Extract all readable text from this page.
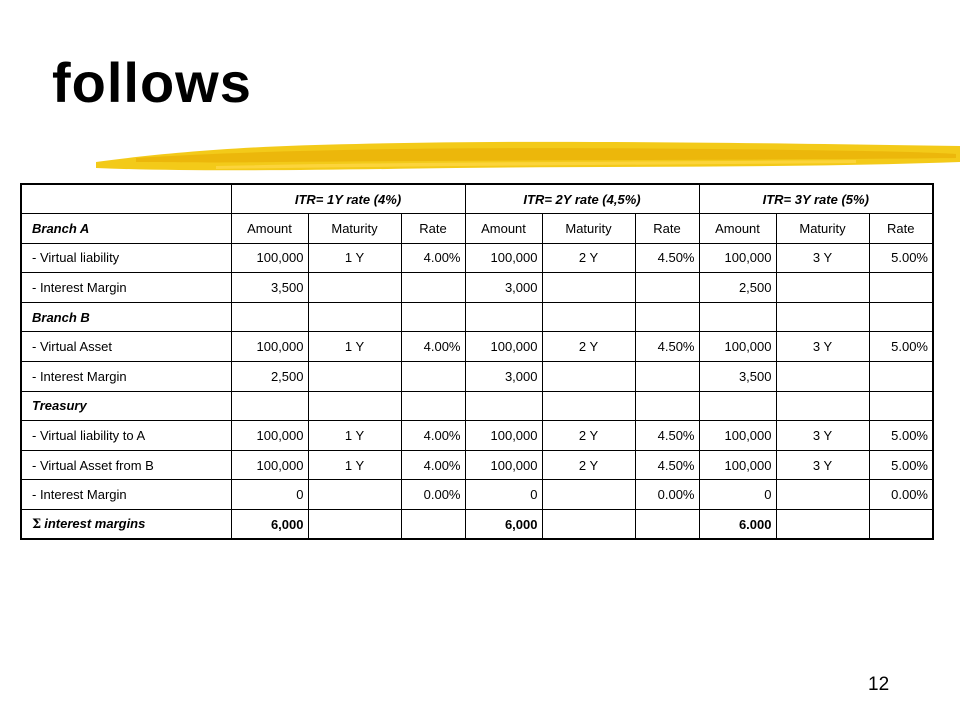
follows
	ITR= 1Y rate (4%)			ITR= 2Y rate (4,5%)			ITR= 3Y rate (5%)		
Branch A	Amount	Maturity	Rate	Amount	Maturity	Rate	Amount	Maturity	Rate
- Virtual liability	100,000	1 Y	4.00%	100,000	2 Y	4.50%	100,000	3 Y	5.00%
- Interest Margin	3,500			3,000			2,500		
Branch B									
- Virtual Asset	100,000	1 Y	4.00%	100,000	2 Y	4.50%	100,000	3 Y	5.00%
- Interest Margin	2,500			3,000			3,500		
Treasury									
- Virtual liability to A	100,000	1 Y	4.00%	100,000	2 Y	4.50%	100,000	3 Y	5.00%
- Virtual Asset from B	100,000	1 Y	4.00%	100,000	2 Y	4.50%	100,000	3 Y	5.00%
- Interest Margin	0		0.00%	0		0.00%	0		0.00%
Σ interest margins	6,000			6,000			6.000		
12
